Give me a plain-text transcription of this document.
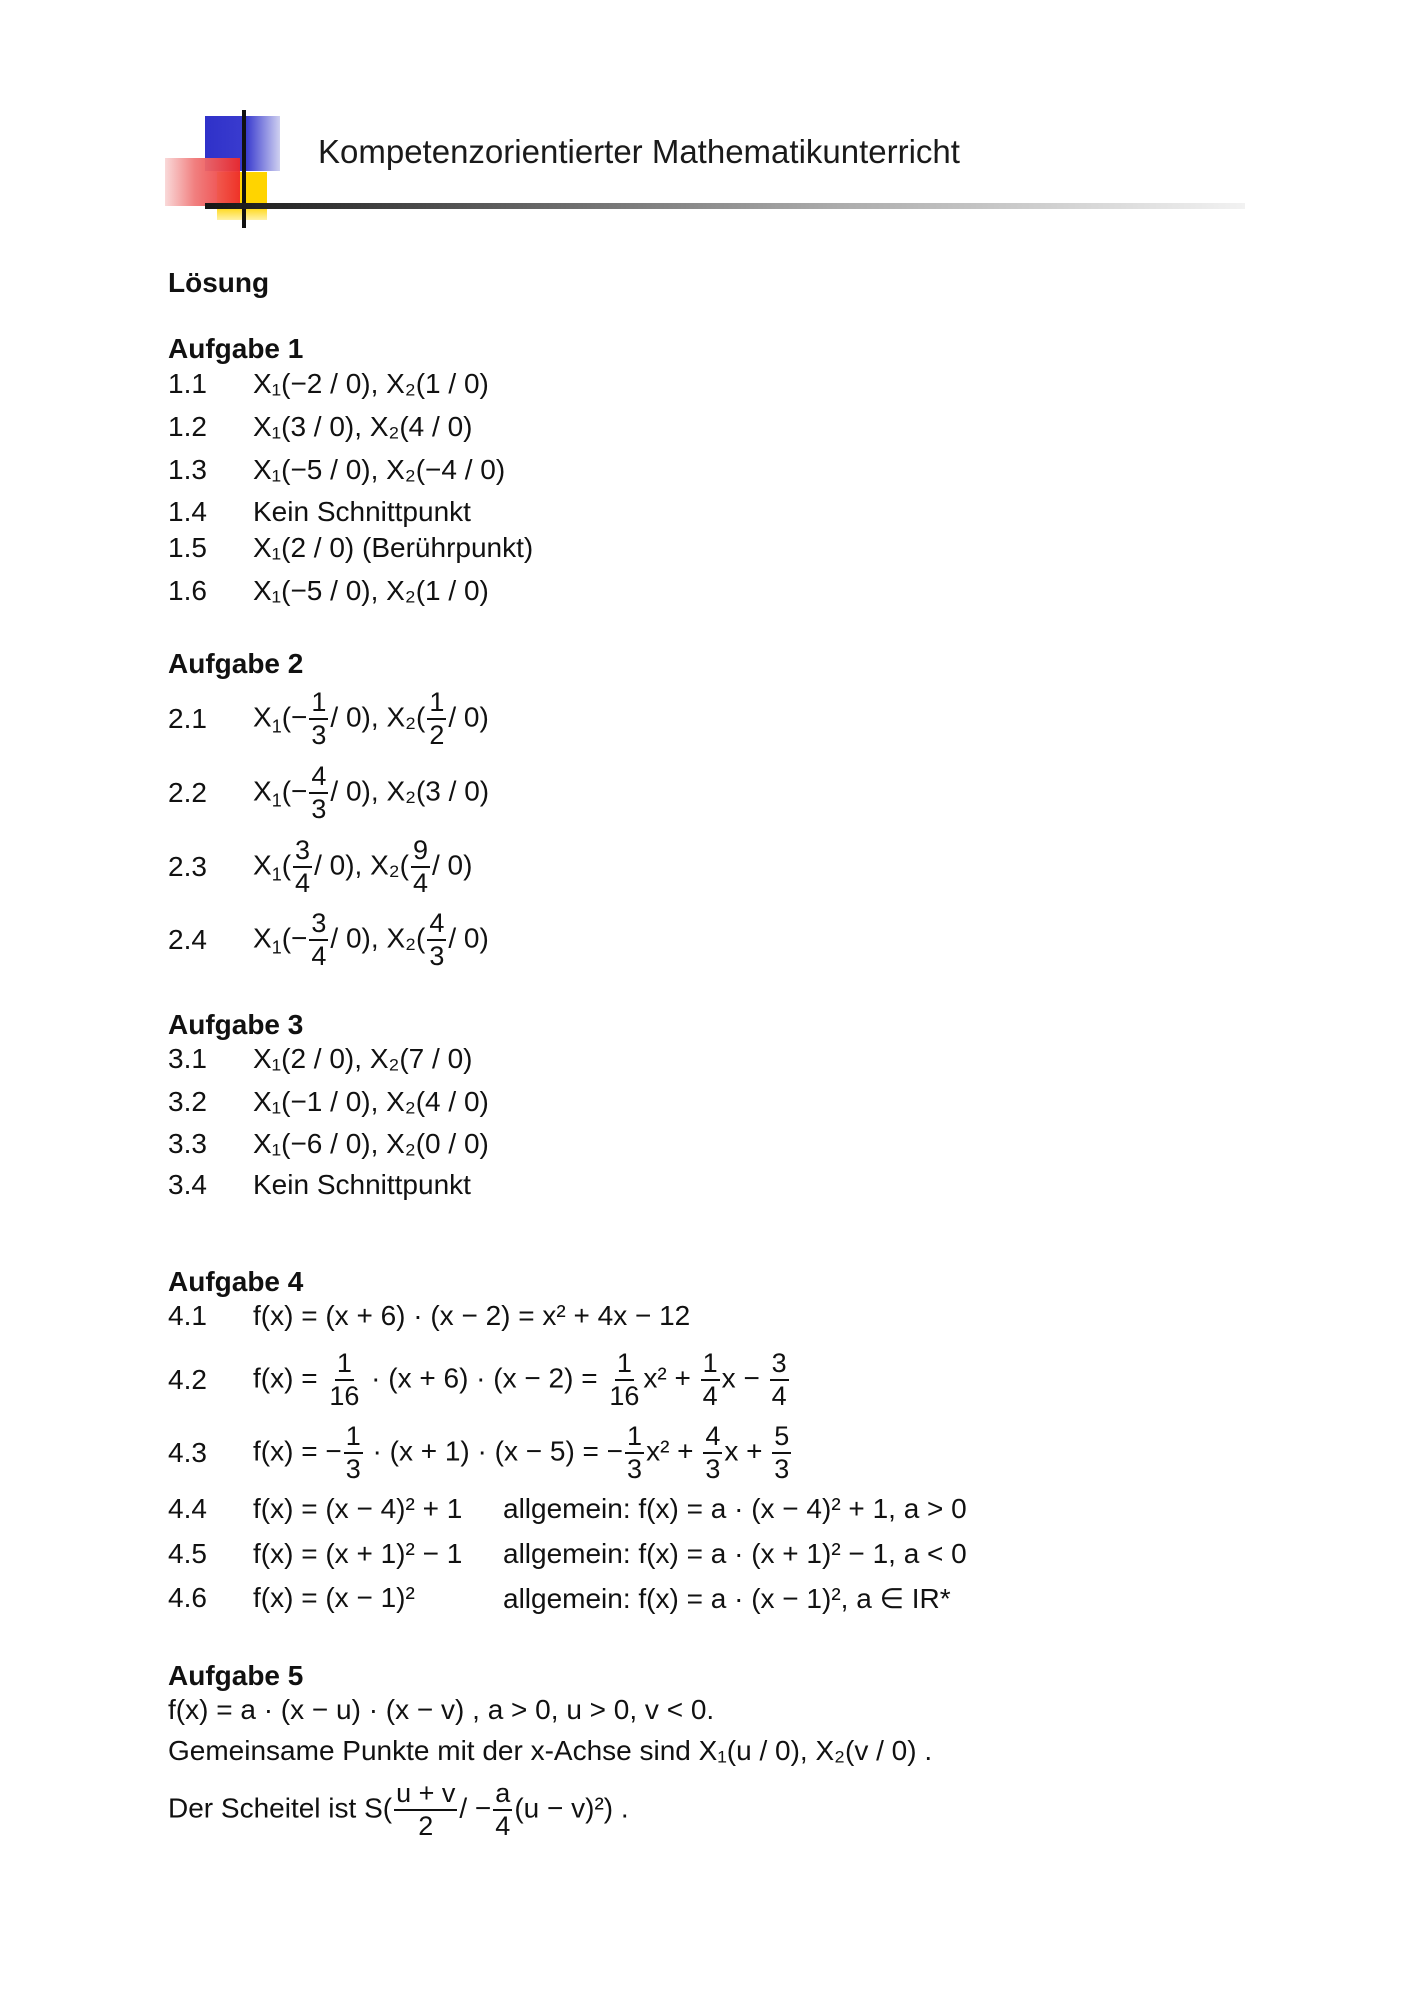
Kompetenzorientierter Mathematikunterricht
Lösung
Aufgabe 1
1.1	X₁(−2 / 0), X₂(1 / 0)
1.2	X₁(3 / 0), X₂(4 / 0)
1.3	X₁(−5 / 0), X₂(−4 / 0)
1.4	Kein Schnittpunkt
1.5	X₁(2 / 0) (Berührpunkt)
1.6	X₁(−5 / 0), X₂(1 / 0)
Aufgabe 2
2.1	$X_1(- \frac{1}{3} / 0)$, $X_2( \frac{1}{2} / 0)$
2.2	$X_1(- \frac{4}{3} / 0)$, X₂(3 / 0)
2.3	$X_1( \frac{3}{4} / 0)$, $X_2( \frac{9}{4} / 0)$
2.4	$X_1(- \frac{3}{4} / 0)$, $X_2( \frac{4}{3} / 0)$
Aufgabe 3
3.1	X₁(2 / 0), X₂(7 / 0)
3.2	X₁(−1 / 0), X₂(4 / 0)
3.3	X₁(−6 / 0), X₂(0 / 0)
3.4	Kein Schnittpunkt
Aufgabe 4
4.1	f(x) = (x + 6) · (x − 2) = x² + 4x − 12
4.2	$f(x) = \frac{1}{16} \cdot (x + 6) \cdot (x - 2) = \frac{1}{16} x^2 + \frac{1}{4}$ $x - \frac{3}{4}$
4.3	f(x) = − $\frac{1}{3} \cdot (x + 1) \cdot (x - 5)$ = − $\frac{1}{3} x^2 + \frac{4}{3}$ $x + \frac{5}{3}$
4.4	f(x) = (x − 4)² + 1	allgemein: f(x) = a · (x − 4)² + 1, a > 0
4.5	f(x) = (x + 1)² − 1	allgemein: f(x) = a · (x + 1)² − 1, a < 0
4.6	f(x) = (x − 1)²	allgemein: f(x) = a · (x − 1)², a ∈ IR*
Aufgabe 5
f(x) = a · (x − u) · (x − v) , a > 0, u > 0, v < 0.
Gemeinsame Punkte mit der x-Achse sind X₁(u / 0), X₂(v / 0) .
Der Scheitel ist $S( \frac{u + v}{2}$ / − $\frac{a}{4} (u - v)^2$) .
